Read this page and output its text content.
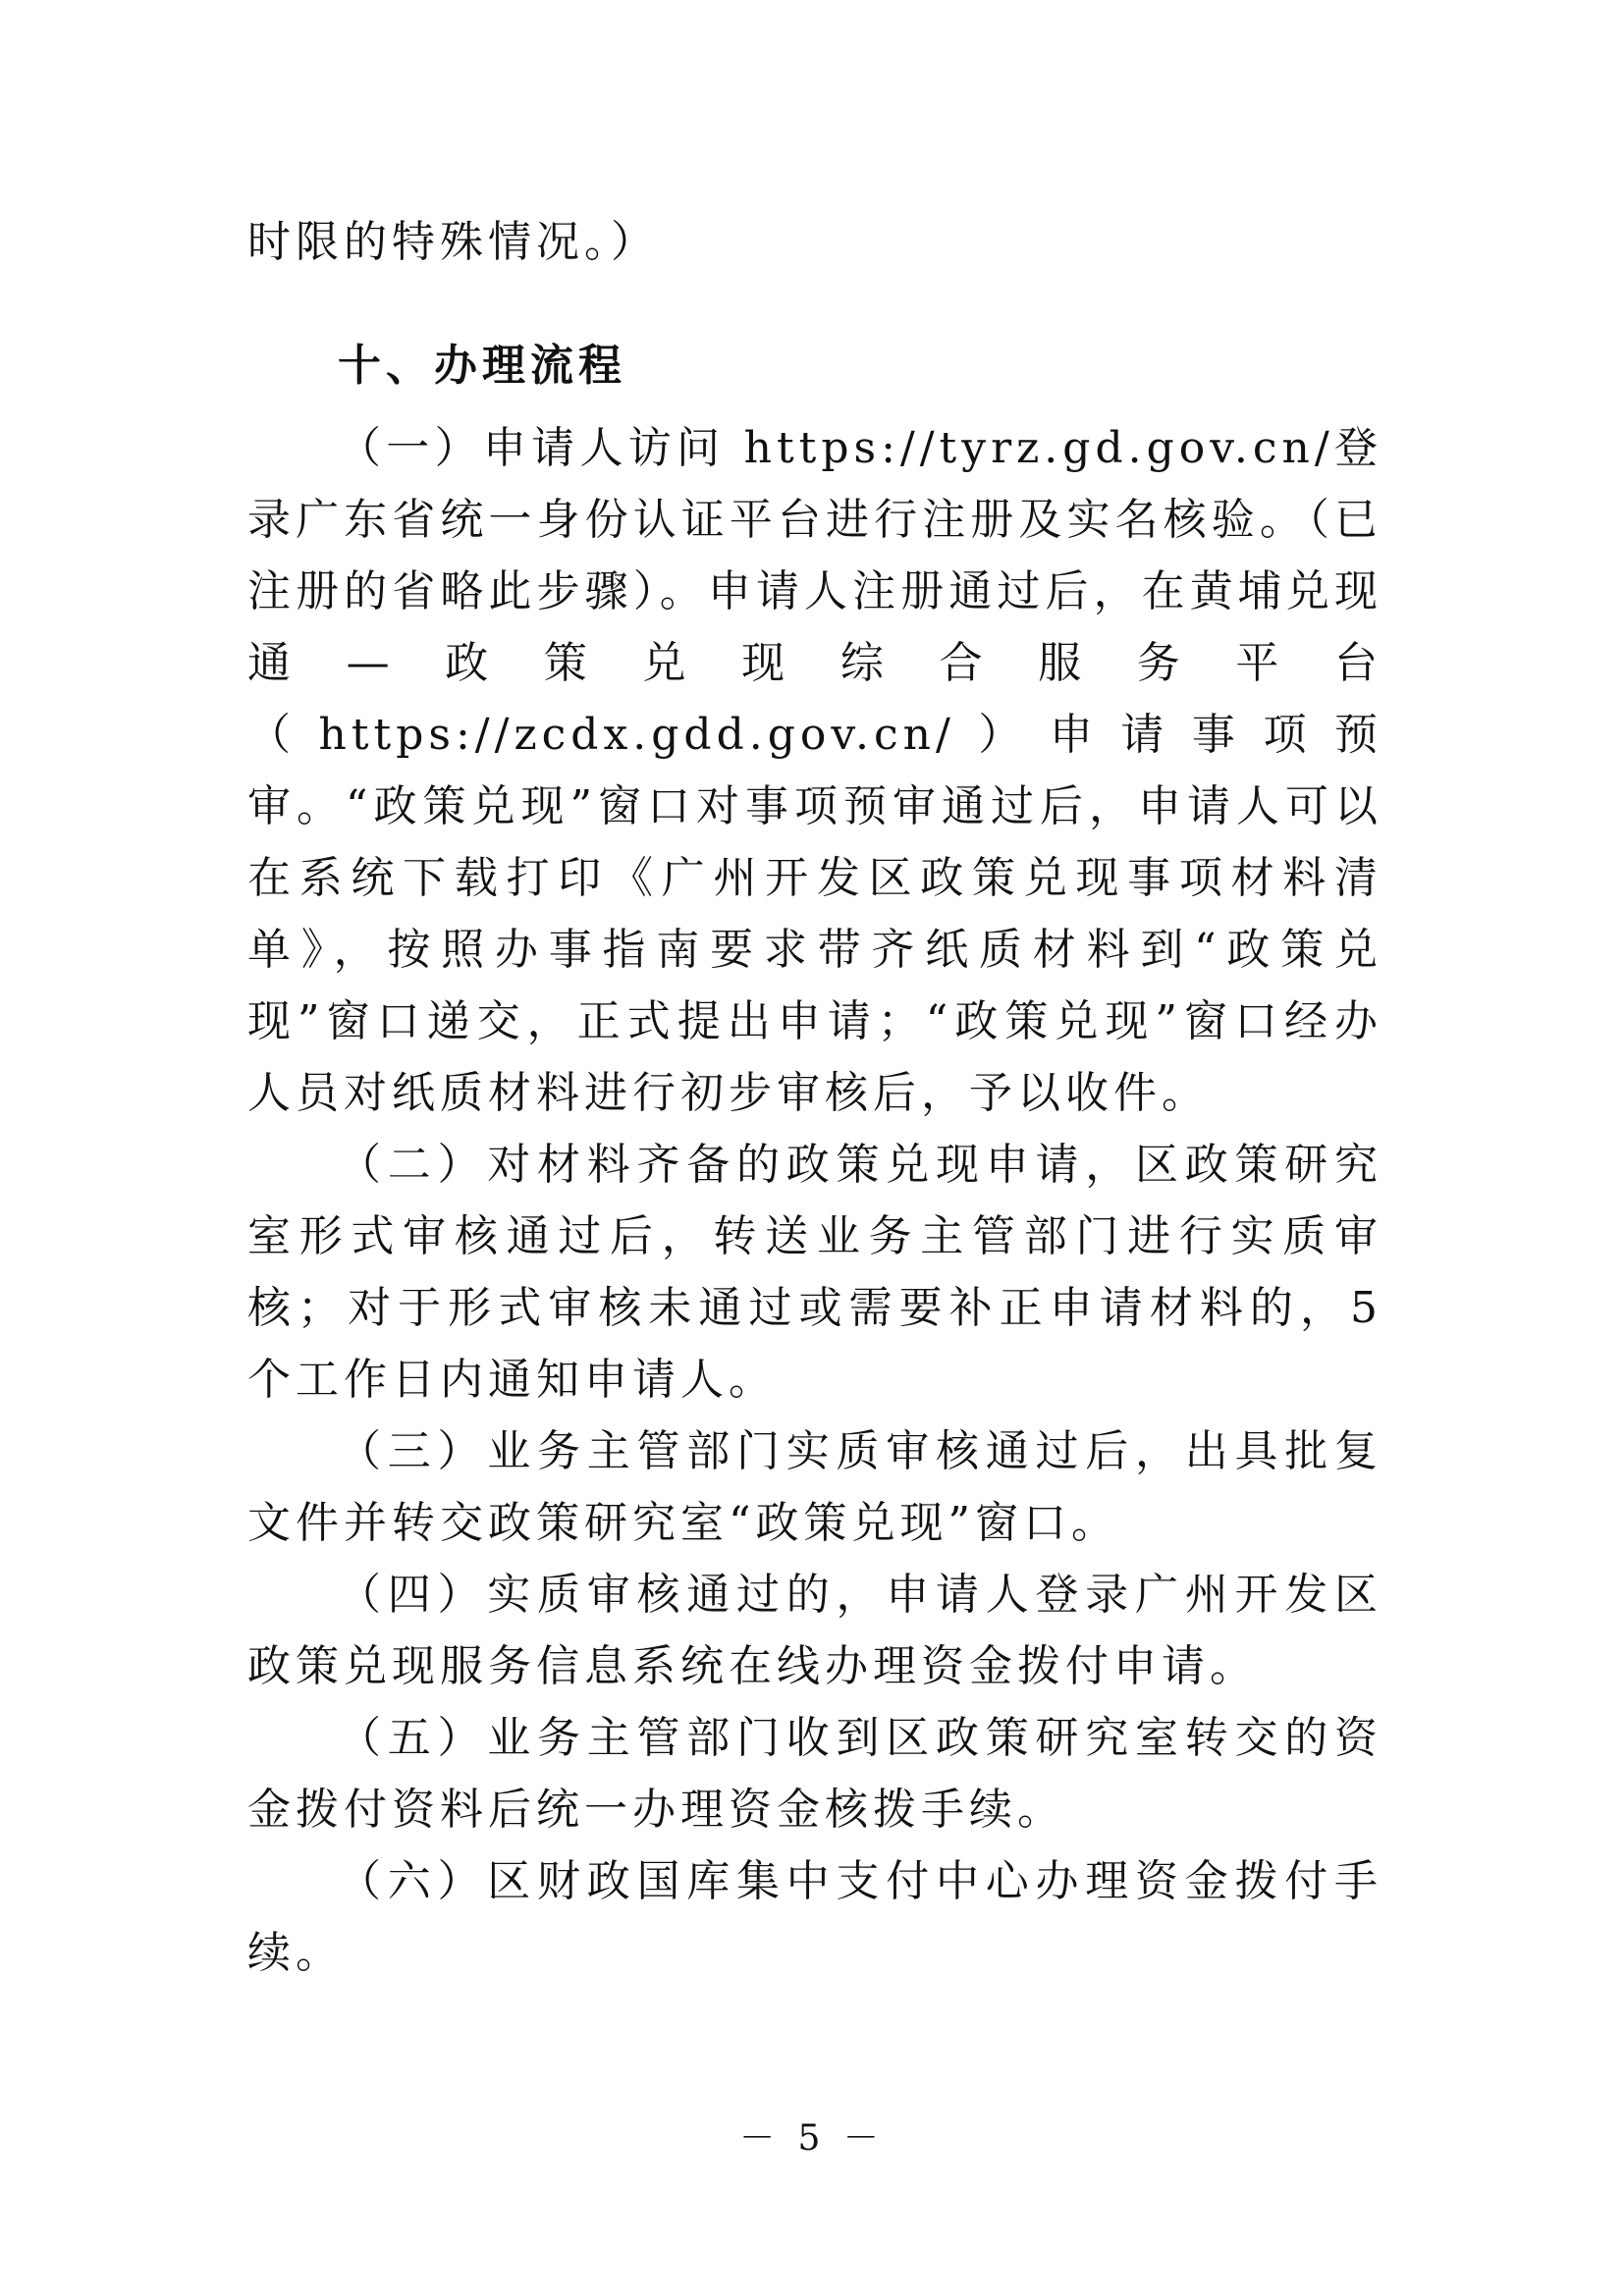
时限的特殊情况。）
十、办理流程

（一）申请人访问 https://tyrz.gd.gov.cn/登录广东省统一身份认证平台进行注册及实名核验。（已注册的省略此步骤）。申请人注册通过后，在黄埔兑现通—政策兑现综合服务平台（https://zcdx.gdd.gov.cn/）申请事项预审。“政策兑现”窗口对事项预审通过后，申请人可以在系统下载打印《广州开发区政策兑现事项材料清单》，按照办事指南要求带齐纸质材料到“政策兑现”窗口递交，正式提出申请；“政策兑现”窗口经办人员对纸质材料进行初步审核后，予以收件。

（二）对材料齐备的政策兑现申请，区政策研究室形式审核通过后，转送业务主管部门进行实质审核；对于形式审核未通过或需要补正申请材料的，5个工作日内通知申请人。

（三）业务主管部门实质审核通过后，出具批复文件并转交政策研究室“政策兑现”窗口。

（四）实质审核通过的，申请人登录广州开发区政策兑现服务信息系统在线办理资金拨付申请。

（五）业务主管部门收到区政策研究室转交的资金拨付资料后统一办理资金核拨手续。

（六）区财政国库集中支付中心办理资金拨付手续。

－ 5 －
